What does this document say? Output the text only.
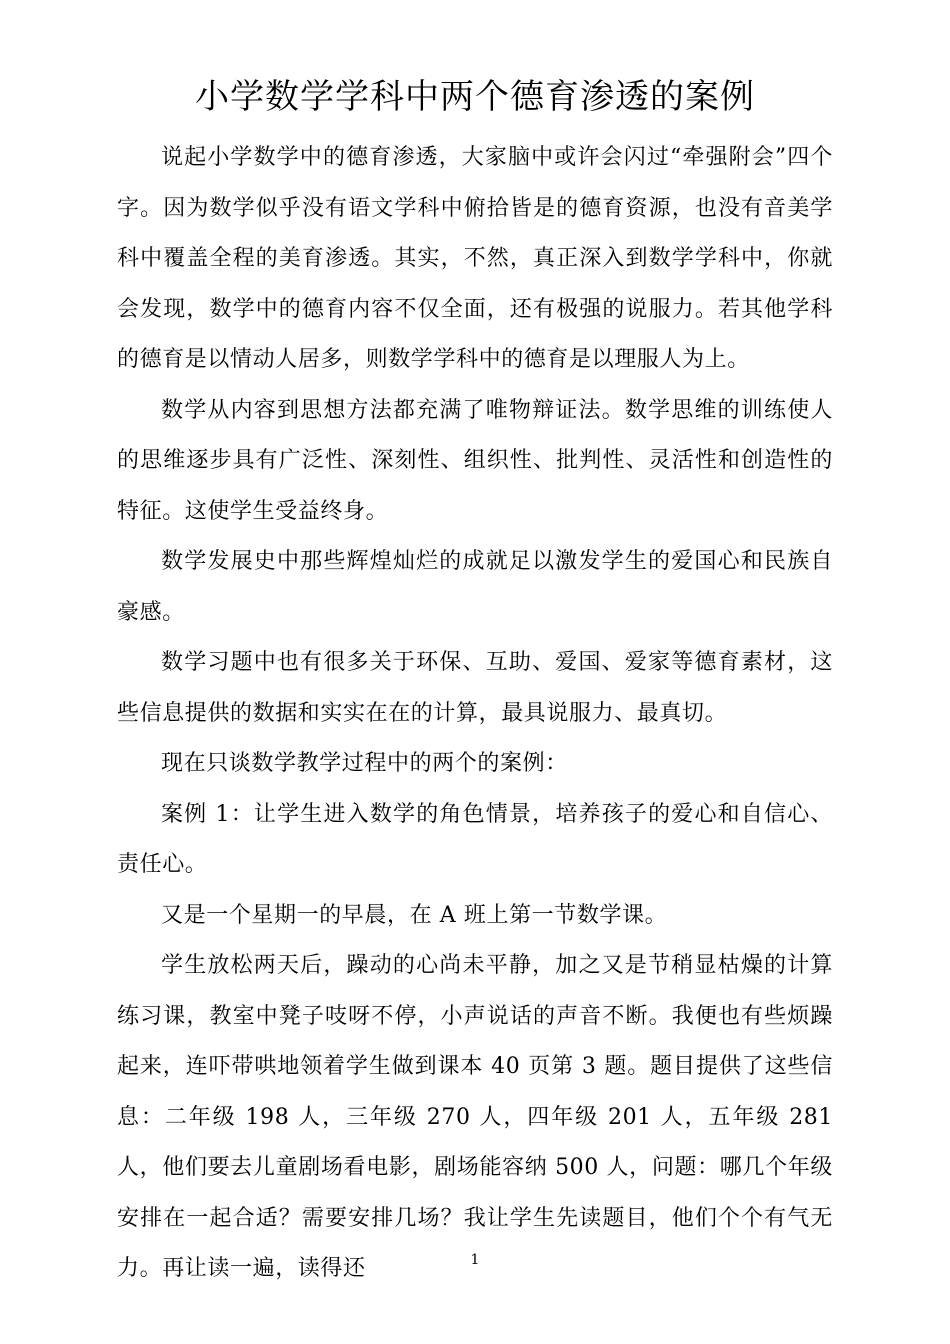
小学数学学科中两个德育渗透的案例

说起小学数学中的德育渗透，大家脑中或许会闪过“牵强附会”四个字。因为数学似乎没有语文学科中俯拾皆是的德育资源，也没有音美学科中覆盖全程的美育渗透。其实，不然，真正深入到数学学科中，你就会发现，数学中的德育内容不仅全面，还有极强的说服力。若其他学科的德育是以情动人居多，则数学学科中的德育是以理服人为上。

数学从内容到思想方法都充满了唯物辩证法。数学思维的训练使人的思维逐步具有广泛性、深刻性、组织性、批判性、灵活性和创造性的特征。这使学生受益终身。

数学发展史中那些辉煌灿烂的成就足以激发学生的爱国心和民族自豪感。

数学习题中也有很多关于环保、互助、爱国、爱家等德育素材，这些信息提供的数据和实实在在的计算，最具说服力、最真切。

现在只谈数学教学过程中的两个的案例：

案例 1：让学生进入数学的角色情景，培养孩子的爱心和自信心、责任心。

又是一个星期一的早晨，在 A 班上第一节数学课。

学生放松两天后，躁动的心尚未平静，加之又是节稍显枯燥的计算练习课，教室中凳子吱呀不停，小声说话的声音不断。我便也有些烦躁起来，连吓带哄地领着学生做到课本 40 页第 3 题。题目提供了这些信息：二年级 198 人，三年级 270 人，四年级 201 人，五年级 281 人，他们要去儿童剧场看电影，剧场能容纳 500 人，问题：哪几个年级安排在一起合适？需要安排几场？我让学生先读题目，他们个个有气无力。再让读一遍，读得还	1
